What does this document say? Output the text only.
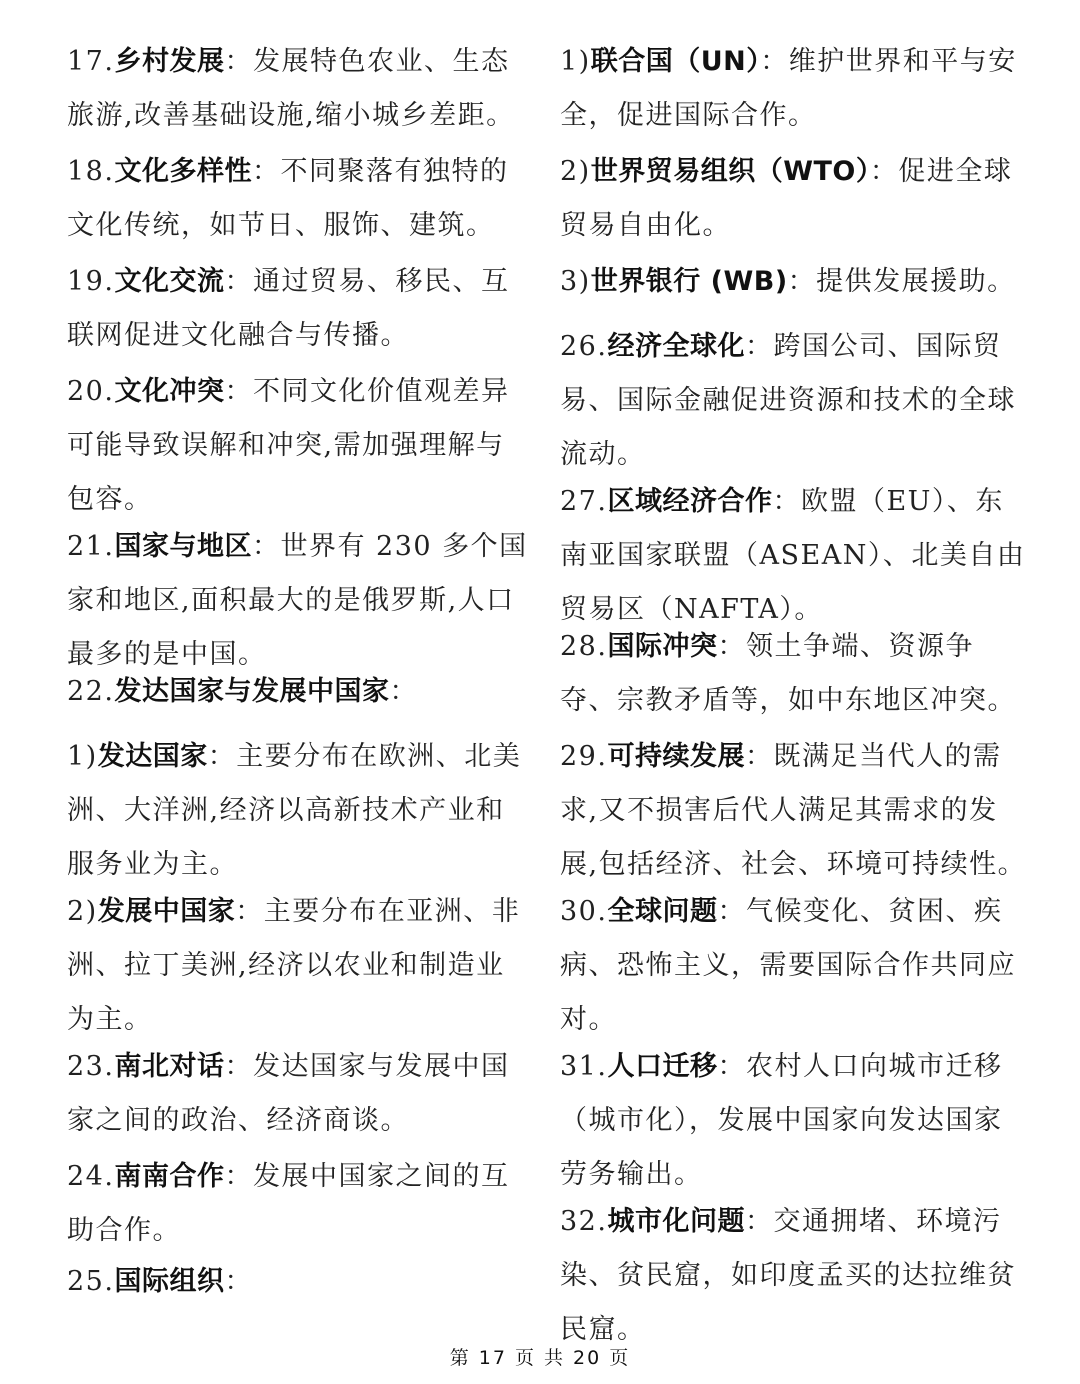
17.乡村发展：发展特色农业、生态旅游,改善基础设施,缩小城乡差距。
18.文化多样性：不同聚落有独特的文化传统，如节日、服饰、建筑。
19.文化交流：通过贸易、移民、互联网促进文化融合与传播。
20.文化冲突：不同文化价值观差异可能导致误解和冲突,需加强理解与包容。
21.国家与地区：世界有 230 多个国家和地区,面积最大的是俄罗斯,人口最多的是中国。
22.发达国家与发展中国家：
1)发达国家：主要分布在欧洲、北美洲、大洋洲,经济以高新技术产业和服务业为主。
2)发展中国家：主要分布在亚洲、非洲、拉丁美洲,经济以农业和制造业为主。
23.南北对话：发达国家与发展中国家之间的政治、经济商谈。
24.南南合作：发展中国家之间的互助合作。
25.国际组织：
1)联合国（UN）：维护世界和平与安全，促进国际合作。
2)世界贸易组织（WTO）：促进全球贸易自由化。
3)世界银行 (WB)：提供发展援助。
26.经济全球化：跨国公司、国际贸易、国际金融促进资源和技术的全球流动。
27.区域经济合作：欧盟（EU）、东南亚国家联盟（ASEAN）、北美自由贸易区（NAFTA）。
28.国际冲突：领土争端、资源争夺、宗教矛盾等，如中东地区冲突。
29.可持续发展：既满足当代人的需求,又不损害后代人满足其需求的发展,包括经济、社会、环境可持续性。
30.全球问题：气候变化、贫困、疾病、恐怖主义，需要国际合作共同应对。
31.人口迁移：农村人口向城市迁移（城市化），发展中国家向发达国家劳务输出。
32.城市化问题：交通拥堵、环境污染、贫民窟，如印度孟买的达拉维贫民窟。
第 17 页 共 20 页
